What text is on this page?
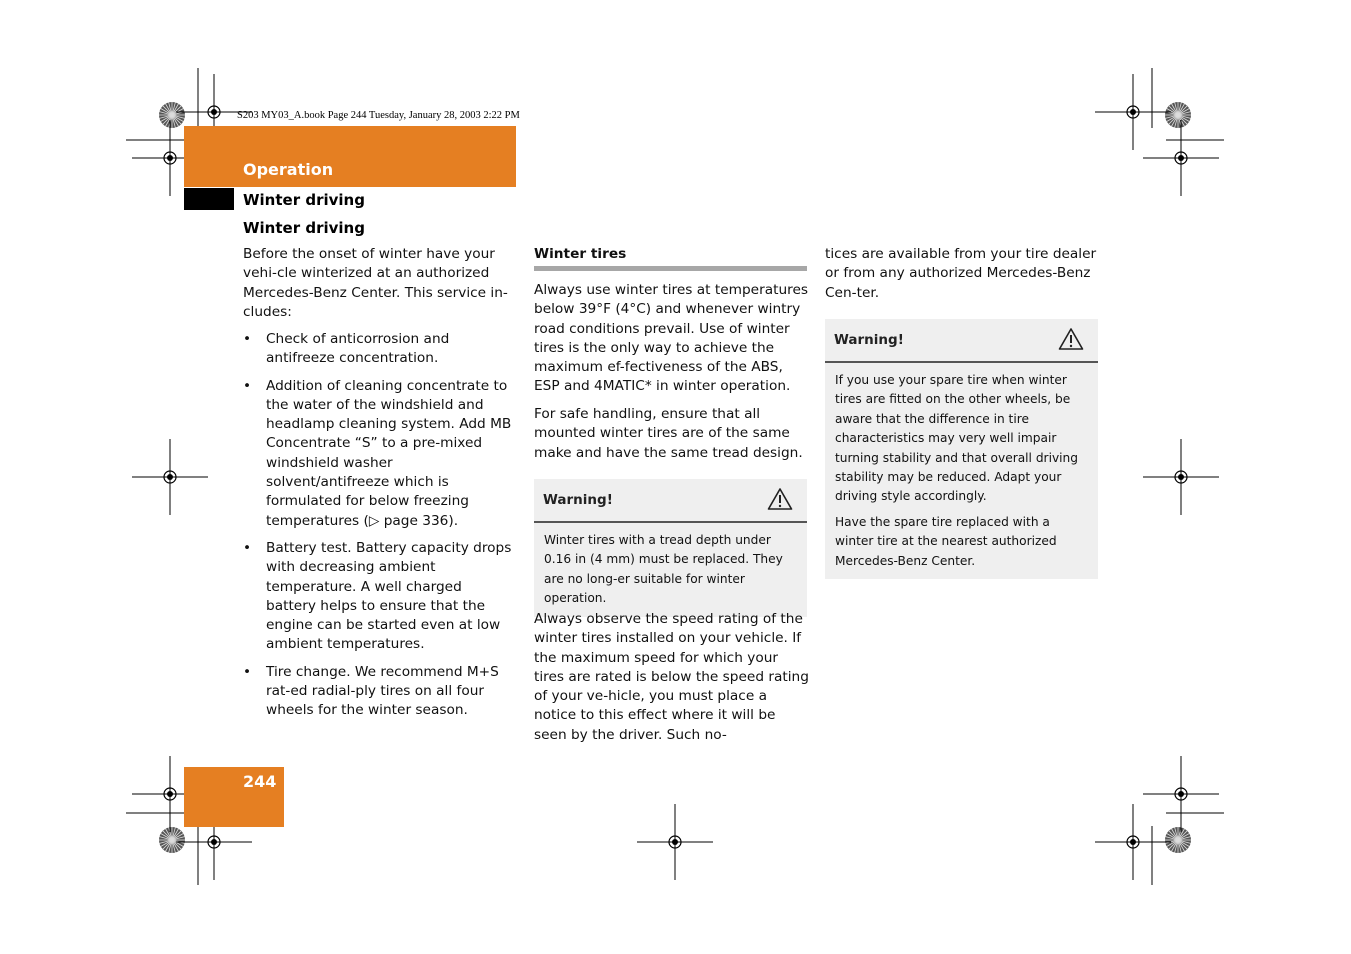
S203 MY03_A.book Page 244 Tuesday, January 28, 2003 2:22 PM
Operation
Winter driving
Winter driving
Before the onset of winter have your vehi-cle winterized at an authorized Mercedes-Benz Center. This service in-cludes:
• Check of anticorrosion and antifreeze concentration.
• Addition of cleaning concentrate to the water of the windshield and headlamp cleaning system. Add MB Concentrate “S” to a pre-mixed windshield washer solvent/antifreeze which is formulated for below freezing temperatures (▷ page 336).
• Battery test. Battery capacity drops with decreasing ambient temperature. A well charged battery helps to ensure that the engine can be started even at low ambient temperatures.
• Tire change. We recommend M+S rat-ed radial-ply tires on all four wheels for the winter season.
Winter tires
Always use winter tires at temperatures below 39°F (4°C) and whenever wintry road conditions prevail. Use of winter tires is the only way to achieve the maximum ef-fectiveness of the ABS, ESP and 4MATIC* in winter operation.
For safe handling, ensure that all mounted winter tires are of the same make and have the same tread design.
Warning!

Winter tires with a tread depth under 0.16 in (4 mm) must be replaced. They are no long-er suitable for winter operation.

Always observe the speed rating of the winter tires installed on your vehicle. If the maximum speed for which your tires are rated is below the speed rating of your ve-hicle, you must place a notice to this effect where it will be seen by the driver. Such no-
tices are available from your tire dealer or from any authorized Mercedes-Benz Cen-ter.
Warning!

If you use your spare tire when winter tires are fitted on the other wheels, be aware that the difference in tire characteristics may very well impair turning stability and that overall driving stability may be reduced. Adapt your driving style accordingly.

Have the spare tire replaced with a winter tire at the nearest authorized Mercedes-Benz Center.

244
